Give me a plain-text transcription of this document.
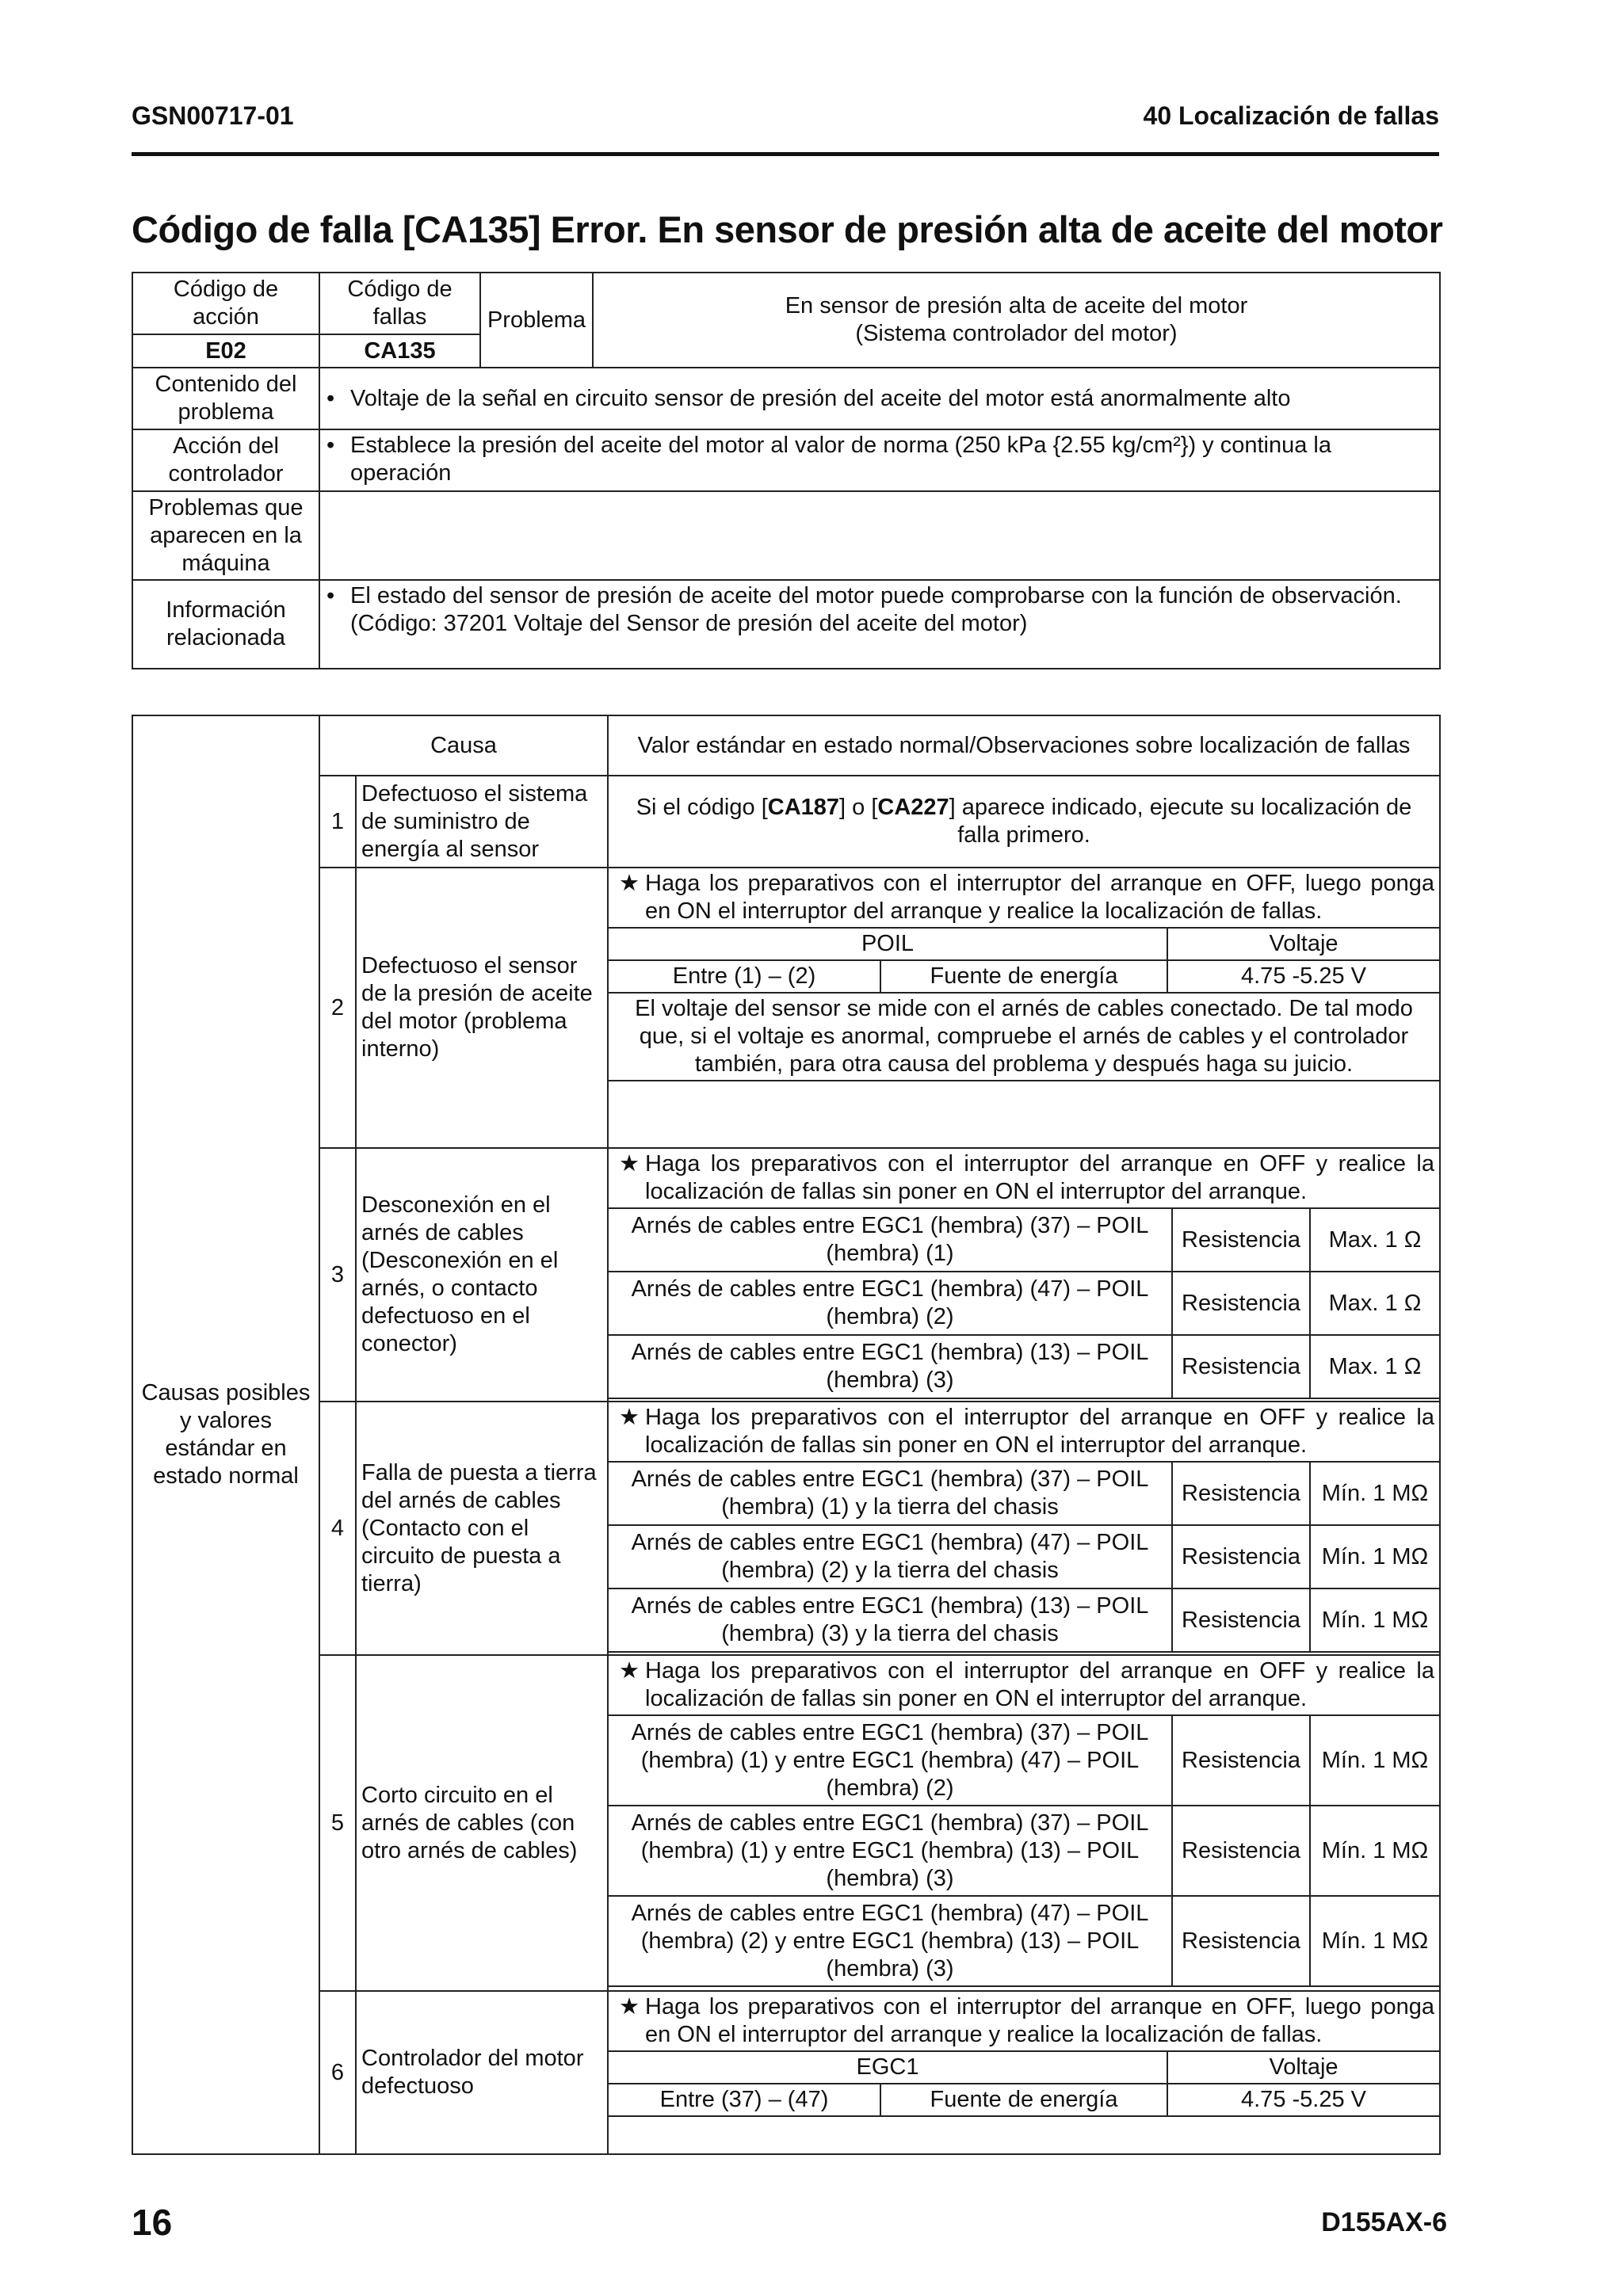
GSN00717-01	40 Localización de fallas
Código de falla [CA135] Error. En sensor de presión alta de aceite del motor
Código de acción	Código de fallas	Problema	En sensor de presión alta de aceite del motor
(Sistema controlador del motor)

E02	CA135		
Contenido del problema	• Voltaje de la señal en circuito sensor de presión del aceite del motor está anormalmente alto		

Acción del controlador	• Establece la presión del aceite del motor al valor de norma (250 kPa {2.55 kg/cm²}) y continua la operación		

Problemas que aparecen en la máquina			
Información relacionada	• El estado del sensor de presión de aceite del motor puede comprobarse con la función de observación.
(Código: 37201 Voltaje del Sensor de presión del aceite del motor)		
Causas posibles y valores estándar en estado normal	Causa	Valor estándar en estado normal/Observaciones sobre localización de fallas
1	Defectuoso el sistema de suministro de energía al sensor	Si el código [CA187] o [CA227] aparece indicado, ejecute su localización de falla primero.
2	Defectuoso el sensor de la presión de aceite del motor (problema interno)	
★ Haga los preparativos con el interruptor del arranque en OFF, luego ponga en ON el interruptor del arranque y realice la localización de fallas.

POIL	Voltaje
Entre (1) – (2)	Fuente de energía	4.75 -5.25 V
El voltaje del sensor se mide con el arnés de cables conectado. De tal modo que, si el voltaje es anormal, compruebe el arnés de cables y el controlador también, para otra causa del problema y después haga su juicio.

3	Desconexión en el arnés de cables (Desconexión en el arnés, o contacto defectuoso en el conector)	
★ Haga los preparativos con el interruptor del arranque en OFF y realice la localización de fallas sin poner en ON el interruptor del arranque.

Arnés de cables entre EGC1 (hembra) (37) – POIL (hembra) (1)	Resistencia	Max. 1 Ω
Arnés de cables entre EGC1 (hembra) (47) – POIL (hembra) (2)	Resistencia	Max. 1 Ω
Arnés de cables entre EGC1 (hembra) (13) – POIL (hembra) (3)	Resistencia	Max. 1 Ω

4	Falla de puesta a tierra del arnés de cables (Contacto con el circuito de puesta a tierra)	
★ Haga los preparativos con el interruptor del arranque en OFF y realice la localización de fallas sin poner en ON el interruptor del arranque.

Arnés de cables entre EGC1 (hembra) (37) – POIL (hembra) (1) y la tierra del chasis	Resistencia	Mín. 1 MΩ
Arnés de cables entre EGC1 (hembra) (47) – POIL (hembra) (2) y la tierra del chasis	Resistencia	Mín. 1 MΩ
Arnés de cables entre EGC1 (hembra) (13) – POIL (hembra) (3) y la tierra del chasis	Resistencia	Mín. 1 MΩ

5	Corto circuito en el arnés de cables (con otro arnés de cables)	
★ Haga los preparativos con el interruptor del arranque en OFF y realice la localización de fallas sin poner en ON el interruptor del arranque.

Arnés de cables entre EGC1 (hembra) (37) – POIL (hembra) (1) y entre EGC1 (hembra) (47) – POIL (hembra) (2)	Resistencia	Mín. 1 MΩ
Arnés de cables entre EGC1 (hembra) (37) – POIL (hembra) (1) y entre EGC1 (hembra) (13) – POIL (hembra) (3)	Resistencia	Mín. 1 MΩ
Arnés de cables entre EGC1 (hembra) (47) – POIL (hembra) (2) y entre EGC1 (hembra) (13) – POIL (hembra) (3)	Resistencia	Mín. 1 MΩ

6	Controlador del motor defectuoso	
★ Haga los preparativos con el interruptor del arranque en OFF, luego ponga en ON el interruptor del arranque y realice la localización de fallas.

EGC1	Voltaje
Entre (37) – (47)	Fuente de energía	4.75 -5.25 V
16	D155AX-6
